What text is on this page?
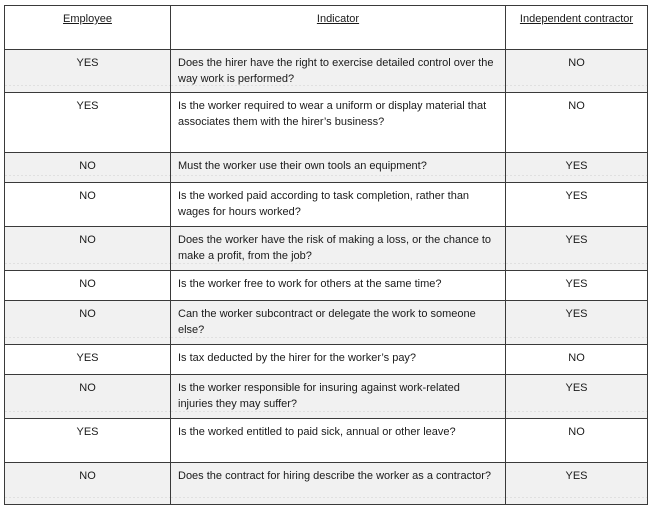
Employee	Indicator	Independent contractor
YES	Does the hirer have the right to exercise detailed control over the way work is performed?	NO
YES	Is the worker required to wear a uniform or display material that associates them with the hirer’s business?	NO
NO	Must the worker use their own tools an equipment?	YES
NO	Is the worked paid according to task completion, rather than wages for hours worked?	YES
NO	Does the worker have the risk of making a loss, or the chance to make a profit, from the job?	YES
NO	Is the worker free to work for others at the same time?	YES
NO	Can the worker subcontract or delegate the work to someone else?	YES
YES	Is tax deducted by the hirer for the worker’s pay?	NO
NO	Is the worker responsible for insuring against work-related injuries they may suffer?	YES
YES	Is the worked entitled to paid sick, annual or other leave?	NO
NO	Does the contract for hiring describe the worker as a contractor?	YES
